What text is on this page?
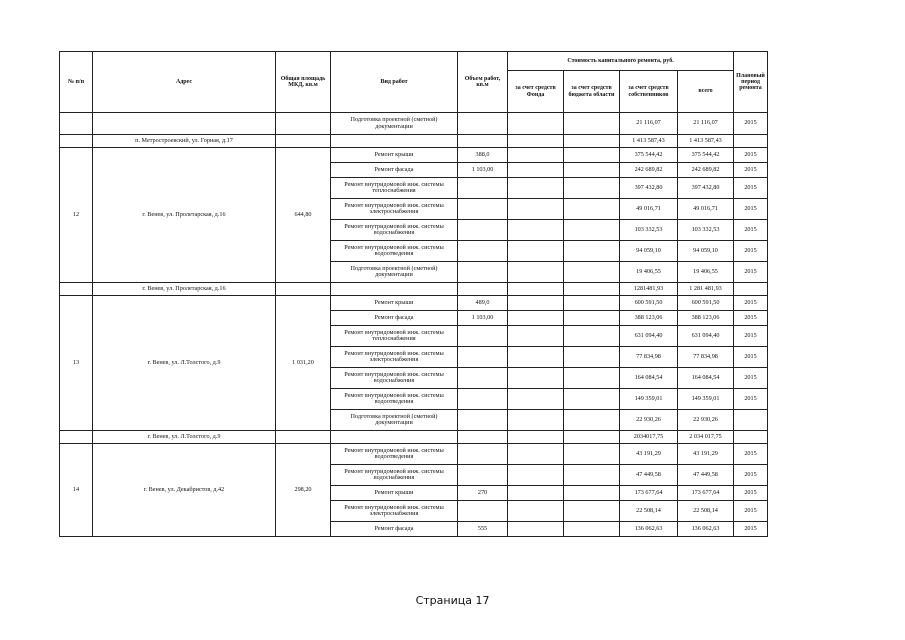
№ п/п	Адрес	Общая площадь МКД, кв.м	Вид работ	Объем работ, кв.м	Стоимость капитального ремонта, руб.				Плановый период ремонта
					за счет средств Фонда	за счет средств бюджета области	за счет средств собственников	всего	
			Подготовка проектной (сметной) документации				21 116,07	21 116,07	2015
	п. Метростроевский, ул. Горная, д.17						1 413 587,43	1 413 587,43	
12	г. Венев, ул. Пролетарская, д.16	644,80	Ремонт крыши	388,0			375 544,42	375 544,42	2015
			Ремонт фасада	1 103,00			242 689,82	242 689,82	2015
			Ремонт внутридомовой инж. системы теплоснабжения				397 432,80	397 432,80	2015
			Ремонт внутридомовой инж. системы электроснабжения				49 016,71	49 016,71	2015
			Ремонт внутридомовой инж. системы водоснабжения				103 332,53	103 332,53	2015
			Ремонт внутридомовой инж. системы водоотведения				94 059,10	94 059,10	2015
			Подготовка проектной (сметной) документации				19 406,55	19 406,55	2015
	г. Венев, ул. Пролетарская, д.16						1281481,93	1 281 481,93	
13	г. Венев, ул. Л.Толстого, д.9	1 031,20	Ремонт крыши	489,0			600 591,50	600 591,50	2015
			Ремонт фасада	1 103,00			388 123,06	388 123,06	2015
			Ремонт внутридомовой инж. системы теплоснабжения				631 094,40	631 094,40	2015
			Ремонт внутридомовой инж. системы электроснабжения				77 834,98	77 834,98	2015
			Ремонт внутридомовой инж. системы водоснабжения				164 084,54	164 084,54	2015
			Ремонт внутридомовой инж. системы водоотведения				149 359,01	149 359,01	2015
			Подготовка проектной (сметной) документации				22 930,26	22 930,26	
	г. Венев, ул. Л.Толстого, д.9						2034017,75	2 034 017,75	
14	г. Венев, ул. Декабристов, д.42	298,20	Ремонт внутридомовой инж. системы водоотведения				43 191,29	43 191,29	2015
			Ремонт внутридомовой инж. системы водоснабжения				47 449,58	47 449,58	2015
			Ремонт крыши	270			173 677,64	173 677,64	2015
			Ремонт внутридомовой инж. системы электроснабжения				22 508,14	22 508,14	2015
			Ремонт фасада	555			136 062,63	136 062,63	2015
Страница 17
